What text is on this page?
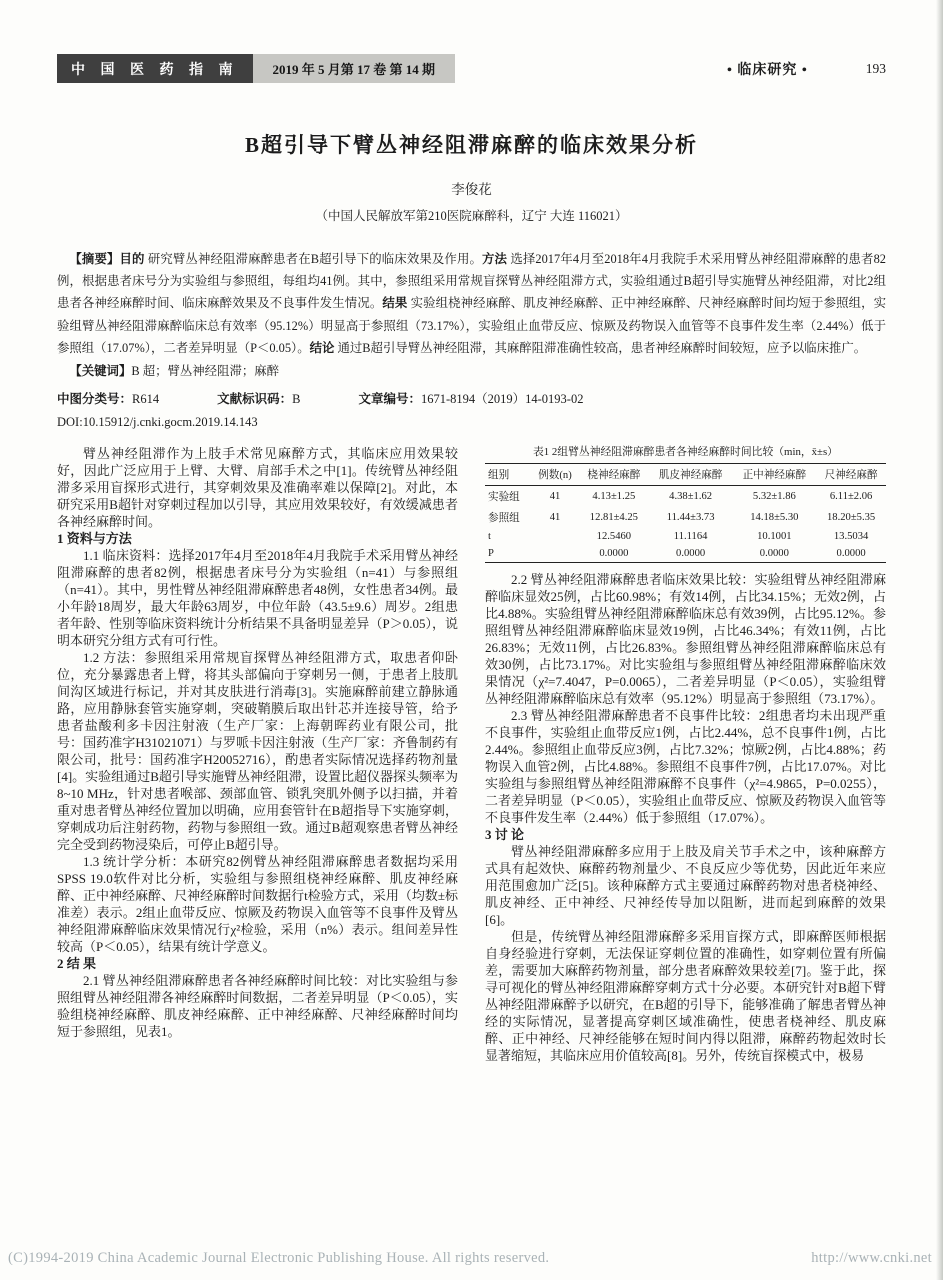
中 国 医 药 指 南	2019 年 5 月第 17 卷 第 14 期	• 临床研究 •	193
B超引导下臂丛神经阻滞麻醉的临床效果分析
李俊花
（中国人民解放军第210医院麻醉科，辽宁 大连 116021）

【摘要】目的 研究臂丛神经阻滞麻醉患者在B超引导下的临床效果及作用。方法 选择2017年4月至2018年4月我院手术采用臂丛神经阻滞麻醉的患者82例，根据患者床号分为实验组与参照组，每组均41例。其中，参照组采用常规盲探臂丛神经阻滞方式，实验组通过B超引导实施臂丛神经阻滞，对比2组患者各神经麻醉时间、临床麻醉效果及不良事件发生情况。结果 实验组桡神经麻醉、肌皮神经麻醉、正中神经麻醉、尺神经麻醉时间均短于参照组，实验组臂丛神经阻滞麻醉临床总有效率（95.12%）明显高于参照组（73.17%），实验组止血带反应、惊厥及药物误入血管等不良事件发生率（2.44%）低于参照组（17.07%），二者差异明显（P＜0.05）。结论 通过B超引导臂丛神经阻滞，其麻醉阻滞准确性较高，患者神经麻醉时间较短，应予以临床推广。

【关键词】B 超；臂丛神经阻滞；麻醉

中图分类号：R614	文献标识码：B	文章编号：1671-8194（2019）14-0193-02
DOI:10.15912/j.cnki.gocm.2019.14.143

臂丛神经阻滞作为上肢手术常见麻醉方式，其临床应用效果较好，因此广泛应用于上臂、大臂、肩部手术之中[1]。传统臂丛神经阻滞多采用盲探形式进行，其穿刺效果及准确率难以保障[2]。对此，本研究采用B超针对穿刺过程加以引导，其应用效果较好，有效缓减患者各神经麻醉时间。

1 资料与方法

1.1 临床资料：选择2017年4月至2018年4月我院手术采用臂丛神经阻滞麻醉的患者82例，根据患者床号分为实验组（n=41）与参照组（n=41）。其中，男性臂丛神经阻滞麻醉患者48例，女性患者34例。最小年龄18周岁，最大年龄63周岁，中位年龄（43.5±9.6）周岁。2组患者年龄、性别等临床资料统计分析结果不具备明显差异（P＞0.05），说明本研究分组方式有可行性。

1.2 方法：参照组采用常规盲探臂丛神经阻滞方式，取患者仰卧位，充分暴露患者上臂，将其头部偏向于穿刺另一侧，于患者上肢肌间沟区域进行标记，并对其皮肤进行消毒[3]。实施麻醉前建立静脉通路，应用静脉套管实施穿刺，突破鞘膜后取出针芯并连接导管，给予患者盐酸利多卡因注射液（生产厂家：上海朝晖药业有限公司，批号：国药准字H31021071）与罗哌卡因注射液（生产厂家：齐鲁制药有限公司，批号：国药准字H20052716），酌患者实际情况选择药物剂量[4]。实验组通过B超引导实施臂丛神经阻滞，设置比超仪器探头频率为8~10 MHz，针对患者喉部、颈部血管、锁乳突肌外侧予以扫描，并着重对患者臂丛神经位置加以明确，应用套管针在B超指导下实施穿刺，穿刺成功后注射药物，药物与参照组一致。通过B超观察患者臂丛神经完全受到药物浸染后，可停止B超引导。

1.3 统计学分析：本研究82例臂丛神经阻滞麻醉患者数据均采用SPSS 19.0软件对比分析，实验组与参照组桡神经麻醉、肌皮神经麻醉、正中神经麻醉、尺神经麻醉时间数据行t检验方式，采用（均数±标准差）表示。2组止血带反应、惊厥及药物误入血管等不良事件及臂丛神经阻滞麻醉临床效果情况行χ²检验，采用（n%）表示。组间差异性较高（P＜0.05），结果有统计学意义。

2 结 果

2.1 臂丛神经阻滞麻醉患者各神经麻醉时间比较：对比实验组与参照组臂丛神经阻滞各神经麻醉时间数据，二者差异明显（P＜0.05），实验组桡神经麻醉、肌皮神经麻醉、正中神经麻醉、尺神经麻醉时间均短于参照组，见表1。

表1 2组臂丛神经阻滞麻醉患者各神经麻醉时间比较（min，x̄±s）
组别	例数(n)	桡神经麻醉	肌皮神经麻醉	正中神经麻醉	尺神经麻醉
实验组	41	4.13±1.25	4.38±1.62	5.32±1.86	6.11±2.06
参照组	41	12.81±4.25	11.44±3.73	14.18±5.30	18.20±5.35
t		12.5460	11.1164	10.1001	13.5034
P		0.0000	0.0000	0.0000	0.0000

2.2 臂丛神经阻滞麻醉患者临床效果比较：实验组臂丛神经阻滞麻醉临床显效25例，占比60.98%；有效14例，占比34.15%；无效2例，占比4.88%。实验组臂丛神经阻滞麻醉临床总有效39例，占比95.12%。参照组臂丛神经阻滞麻醉临床显效19例，占比46.34%；有效11例，占比26.83%；无效11例，占比26.83%。参照组臂丛神经阻滞麻醉临床总有效30例，占比73.17%。对比实验组与参照组臂丛神经阻滞麻醉临床效果情况（χ²=7.4047，P=0.0065），二者差异明显（P＜0.05），实验组臂丛神经阻滞麻醉临床总有效率（95.12%）明显高于参照组（73.17%）。

2.3 臂丛神经阻滞麻醉患者不良事件比较：2组患者均未出现严重不良事件，实验组止血带反应1例，占比2.44%，总不良事件1例，占比2.44%。参照组止血带反应3例，占比7.32%；惊厥2例，占比4.88%；药物误入血管2例，占比4.88%。参照组不良事件7例，占比17.07%。对比实验组与参照组臂丛神经阻滞麻醉不良事件（χ²=4.9865，P=0.0255），二者差异明显（P＜0.05），实验组止血带反应、惊厥及药物误入血管等不良事件发生率（2.44%）低于参照组（17.07%）。

3 讨 论

臂丛神经阻滞麻醉多应用于上肢及肩关节手术之中，该种麻醉方式具有起效快、麻醉药物剂量少、不良反应少等优势，因此近年来应用范围愈加广泛[5]。该种麻醉方式主要通过麻醉药物对患者桡神经、肌皮神经、正中神经、尺神经传导加以阻断，进而起到麻醉的效果[6]。

但是，传统臂丛神经阻滞麻醉多采用盲探方式，即麻醉医师根据自身经验进行穿刺，无法保证穿刺位置的准确性，如穿刺位置有所偏差，需要加大麻醉药物剂量，部分患者麻醉效果较差[7]。鉴于此，探寻可视化的臂丛神经阻滞麻醉穿刺方式十分必要。本研究针对B超下臂丛神经阻滞麻醉予以研究，在B超的引导下，能够准确了解患者臂丛神经的实际情况，显著提高穿刺区域准确性，使患者桡神经、肌皮麻醉、正中神经、尺神经能够在短时间内得以阻滞，麻醉药物起效时长显著缩短，其临床应用价值较高[8]。另外，传统盲探模式中，极易

(C)1994-2019 China Academic Journal Electronic Publishing House. All rights reserved.	http://www.cnki.net
